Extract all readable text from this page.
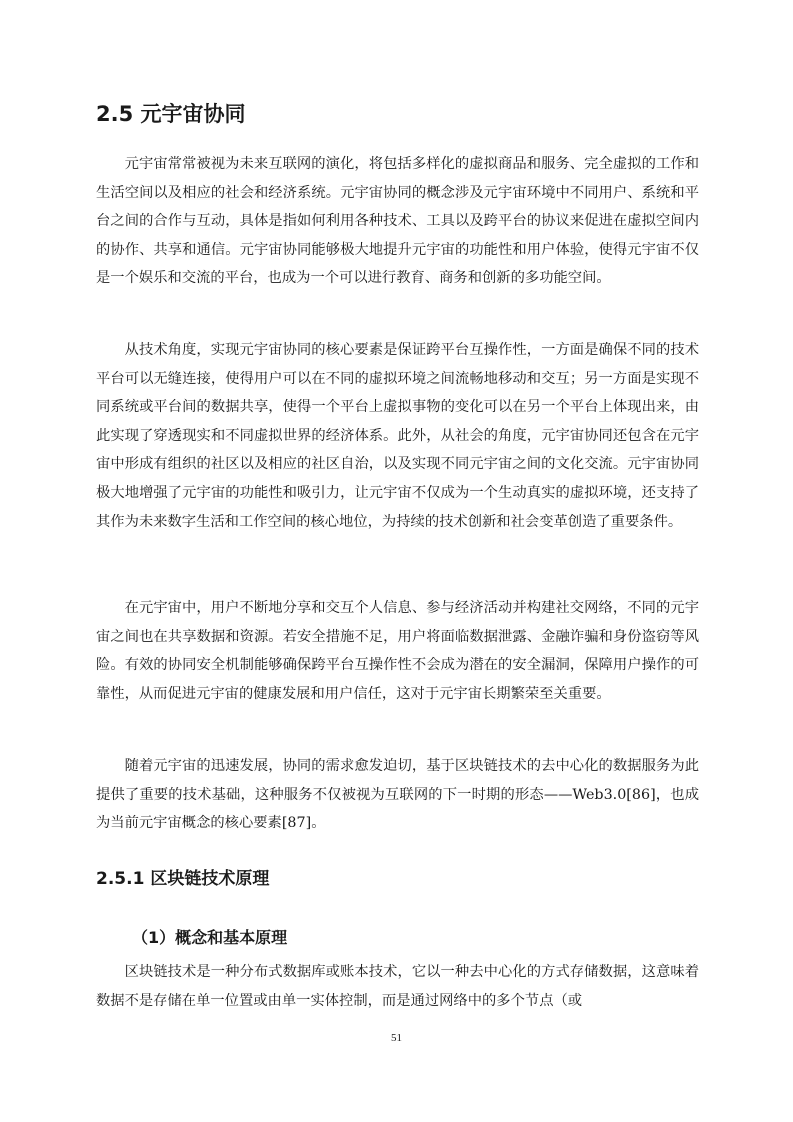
2.5 元宇宙协同

元宇宙常常被视为未来互联网的演化，将包括多样化的虚拟商品和服务、完全虚拟的工作和生活空间以及相应的社会和经济系统。元宇宙协同的概念涉及元宇宙环境中不同用户、系统和平台之间的合作与互动，具体是指如何利用各种技术、工具以及跨平台的协议来促进在虚拟空间内的协作、共享和通信。元宇宙协同能够极大地提升元宇宙的功能性和用户体验，使得元宇宙不仅是一个娱乐和交流的平台，也成为一个可以进行教育、商务和创新的多功能空间。

从技术角度，实现元宇宙协同的核心要素是保证跨平台互操作性，一方面是确保不同的技术平台可以无缝连接，使得用户可以在不同的虚拟环境之间流畅地移动和交互；另一方面是实现不同系统或平台间的数据共享，使得一个平台上虚拟事物的变化可以在另一个平台上体现出来，由此实现了穿透现实和不同虚拟世界的经济体系。此外，从社会的角度，元宇宙协同还包含在元宇宙中形成有组织的社区以及相应的社区自治，以及实现不同元宇宙之间的文化交流。元宇宙协同极大地增强了元宇宙的功能性和吸引力，让元宇宙不仅成为一个生动真实的虚拟环境，还支持了其作为未来数字生活和工作空间的核心地位，为持续的技术创新和社会变革创造了重要条件。

在元宇宙中，用户不断地分享和交互个人信息、参与经济活动并构建社交网络，不同的元宇宙之间也在共享数据和资源。若安全措施不足，用户将面临数据泄露、金融诈骗和身份盗窃等风险。有效的协同安全机制能够确保跨平台互操作性不会成为潜在的安全漏洞，保障用户操作的可靠性，从而促进元宇宙的健康发展和用户信任，这对于元宇宙长期繁荣至关重要。

随着元宇宙的迅速发展，协同的需求愈发迫切，基于区块链技术的去中心化的数据服务为此提供了重要的技术基础，这种服务不仅被视为互联网的下一时期的形态——Web3.0[86]，也成为当前元宇宙概念的核心要素[87]。

2.5.1 区块链技术原理
（1）概念和基本原理

区块链技术是一种分布式数据库或账本技术，它以一种去中心化的方式存储数据，这意味着数据不是存储在单一位置或由单一实体控制，而是通过网络中的多个节点（或

51
